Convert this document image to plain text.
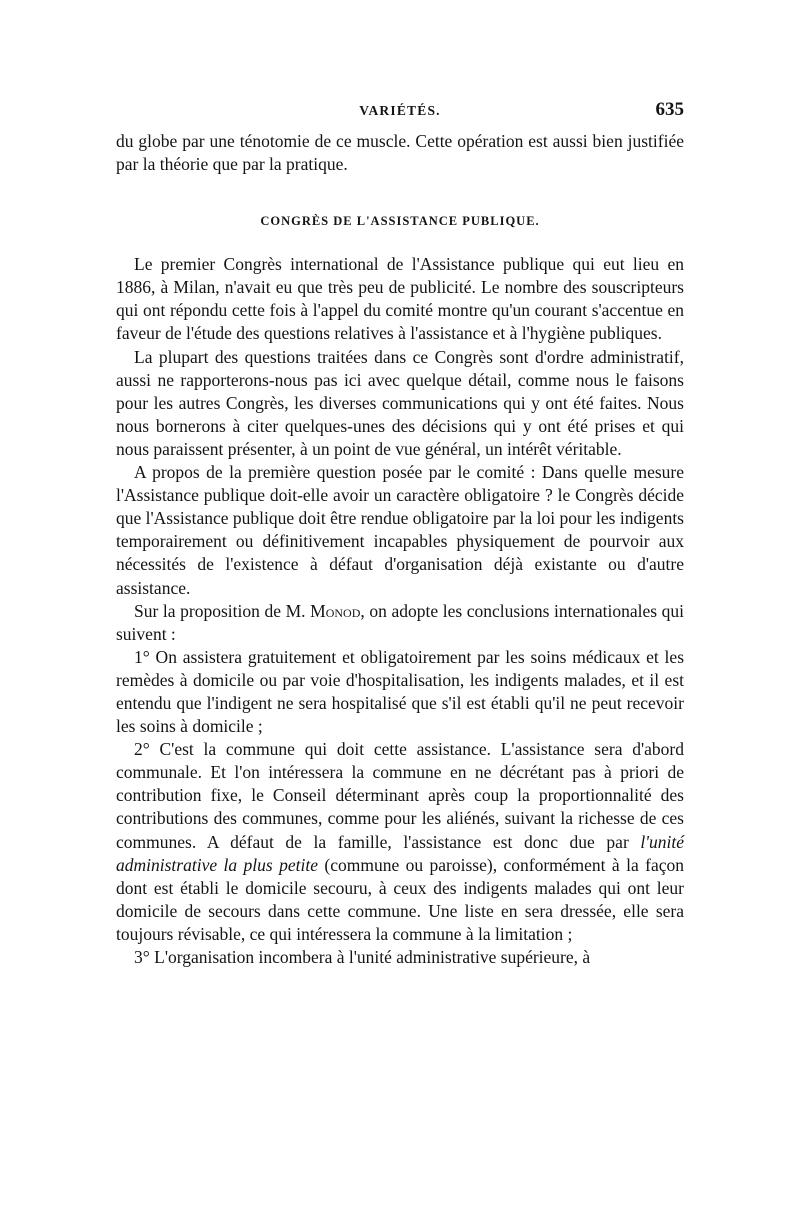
VARIÉTÉS.	635

du globe par une ténotomie de ce muscle. Cette opération est aussi bien justifiée par la théorie que par la pratique.

CONGRÈS DE L'ASSISTANCE PUBLIQUE.

Le premier Congrès international de l'Assistance publique qui eut lieu en 1886, à Milan, n'avait eu que très peu de publicité. Le nombre des souscripteurs qui ont répondu cette fois à l'appel du comité montre qu'un courant s'accentue en faveur de l'étude des questions relatives à l'assistance et à l'hygiène publiques.

La plupart des questions traitées dans ce Congrès sont d'ordre administratif, aussi ne rapporterons-nous pas ici avec quelque détail, comme nous le faisons pour les autres Congrès, les diverses communications qui y ont été faites. Nous nous bornerons à citer quelques-unes des décisions qui y ont été prises et qui nous paraissent présenter, à un point de vue général, un intérêt véritable.

A propos de la première question posée par le comité : Dans quelle mesure l'Assistance publique doit-elle avoir un caractère obligatoire ? le Congrès décide que l'Assistance publique doit être rendue obligatoire par la loi pour les indigents temporairement ou définitivement incapables physiquement de pourvoir aux nécessités de l'existence à défaut d'organisation déjà existante ou d'autre assistance.

Sur la proposition de M. Monod, on adopte les conclusions internationales qui suivent :

1° On assistera gratuitement et obligatoirement par les soins médicaux et les remèdes à domicile ou par voie d'hospitalisation, les indigents malades, et il est entendu que l'indigent ne sera hospitalisé que s'il est établi qu'il ne peut recevoir les soins à domicile ;

2° C'est la commune qui doit cette assistance. L'assistance sera d'abord communale. Et l'on intéressera la commune en ne décrétant pas à priori de contribution fixe, le Conseil déterminant après coup la proportionnalité des contributions des communes, comme pour les aliénés, suivant la richesse de ces communes. A défaut de la famille, l'assistance est donc due par l'unité administrative la plus petite (commune ou paroisse), conformément à la façon dont est établi le domicile secouru, à ceux des indigents malades qui ont leur domicile de secours dans cette commune. Une liste en sera dressée, elle sera toujours révisable, ce qui intéressera la commune à la limitation ;

3° L'organisation incombera à l'unité administrative supérieure, à
